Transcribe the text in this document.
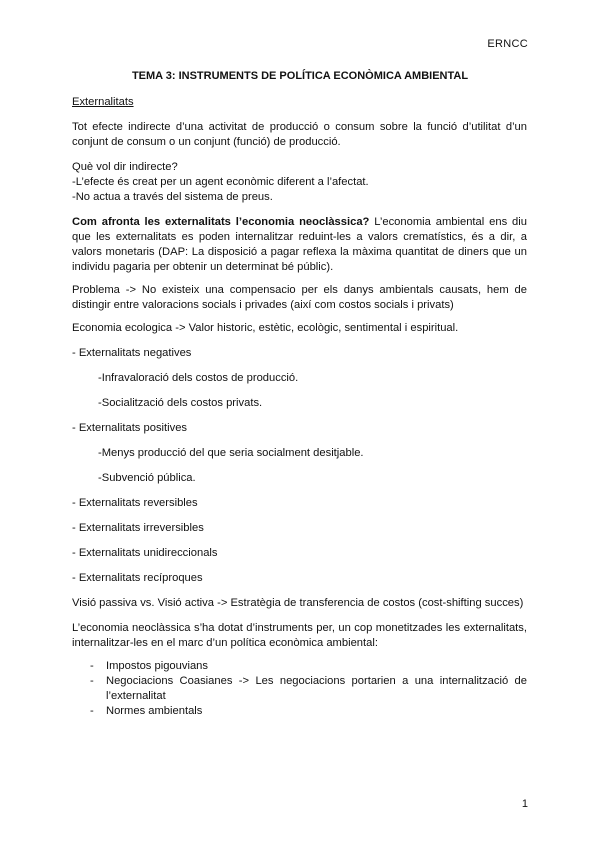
ERNCC
TEMA 3: INSTRUMENTS DE POLÍTICA ECONÒMICA AMBIENTAL

Externalitats

Tot efecte indirecte d’una activitat de producció o consum sobre la funció d’utilitat d’un conjunt de consum o un conjunt (funció) de producció.

Què vol dir indirecte?

-L’efecte és creat per un agent econòmic diferent a l’afectat.

-No actua a través del sistema de preus.

Com afronta les externalitats l’economia neoclàssica? L’economia ambiental ens diu que les externalitats es poden internalitzar reduint-les a valors crematístics, és a dir, a valors monetaris (DAP: La disposició a pagar reflexa la màxima quantitat de diners que un individu pagaria per obtenir un determinat bé públic).

Problema -> No existeix una compensacio per els danys ambientals causats, hem de distingir entre valoracions socials i privades (així com costos socials i privats)

Economia ecologica -> Valor historic, estètic, ecològic, sentimental i espiritual.

- Externalitats negatives

-Infravaloració dels costos de producció.

-Socialització dels costos privats.

- Externalitats positives

-Menys producció del que seria socialment desitjable.

-Subvenció pública.

- Externalitats reversibles

- Externalitats irreversibles

- Externalitats unidireccionals

- Externalitats recíproques

Visió passiva vs. Visió activa -> Estratègia de transferencia de costos (cost-shifting succes)

L’economia neoclàssica s’ha dotat d’instruments per, un cop monetitzades les externalitats, internalitzar-les en el marc d’un política econòmica ambiental:

- Impostos pigouvians
- Negociacions Coasianes -> Les negociacions portarien a una internalització de l’externalitat
- Normes ambientals
1
